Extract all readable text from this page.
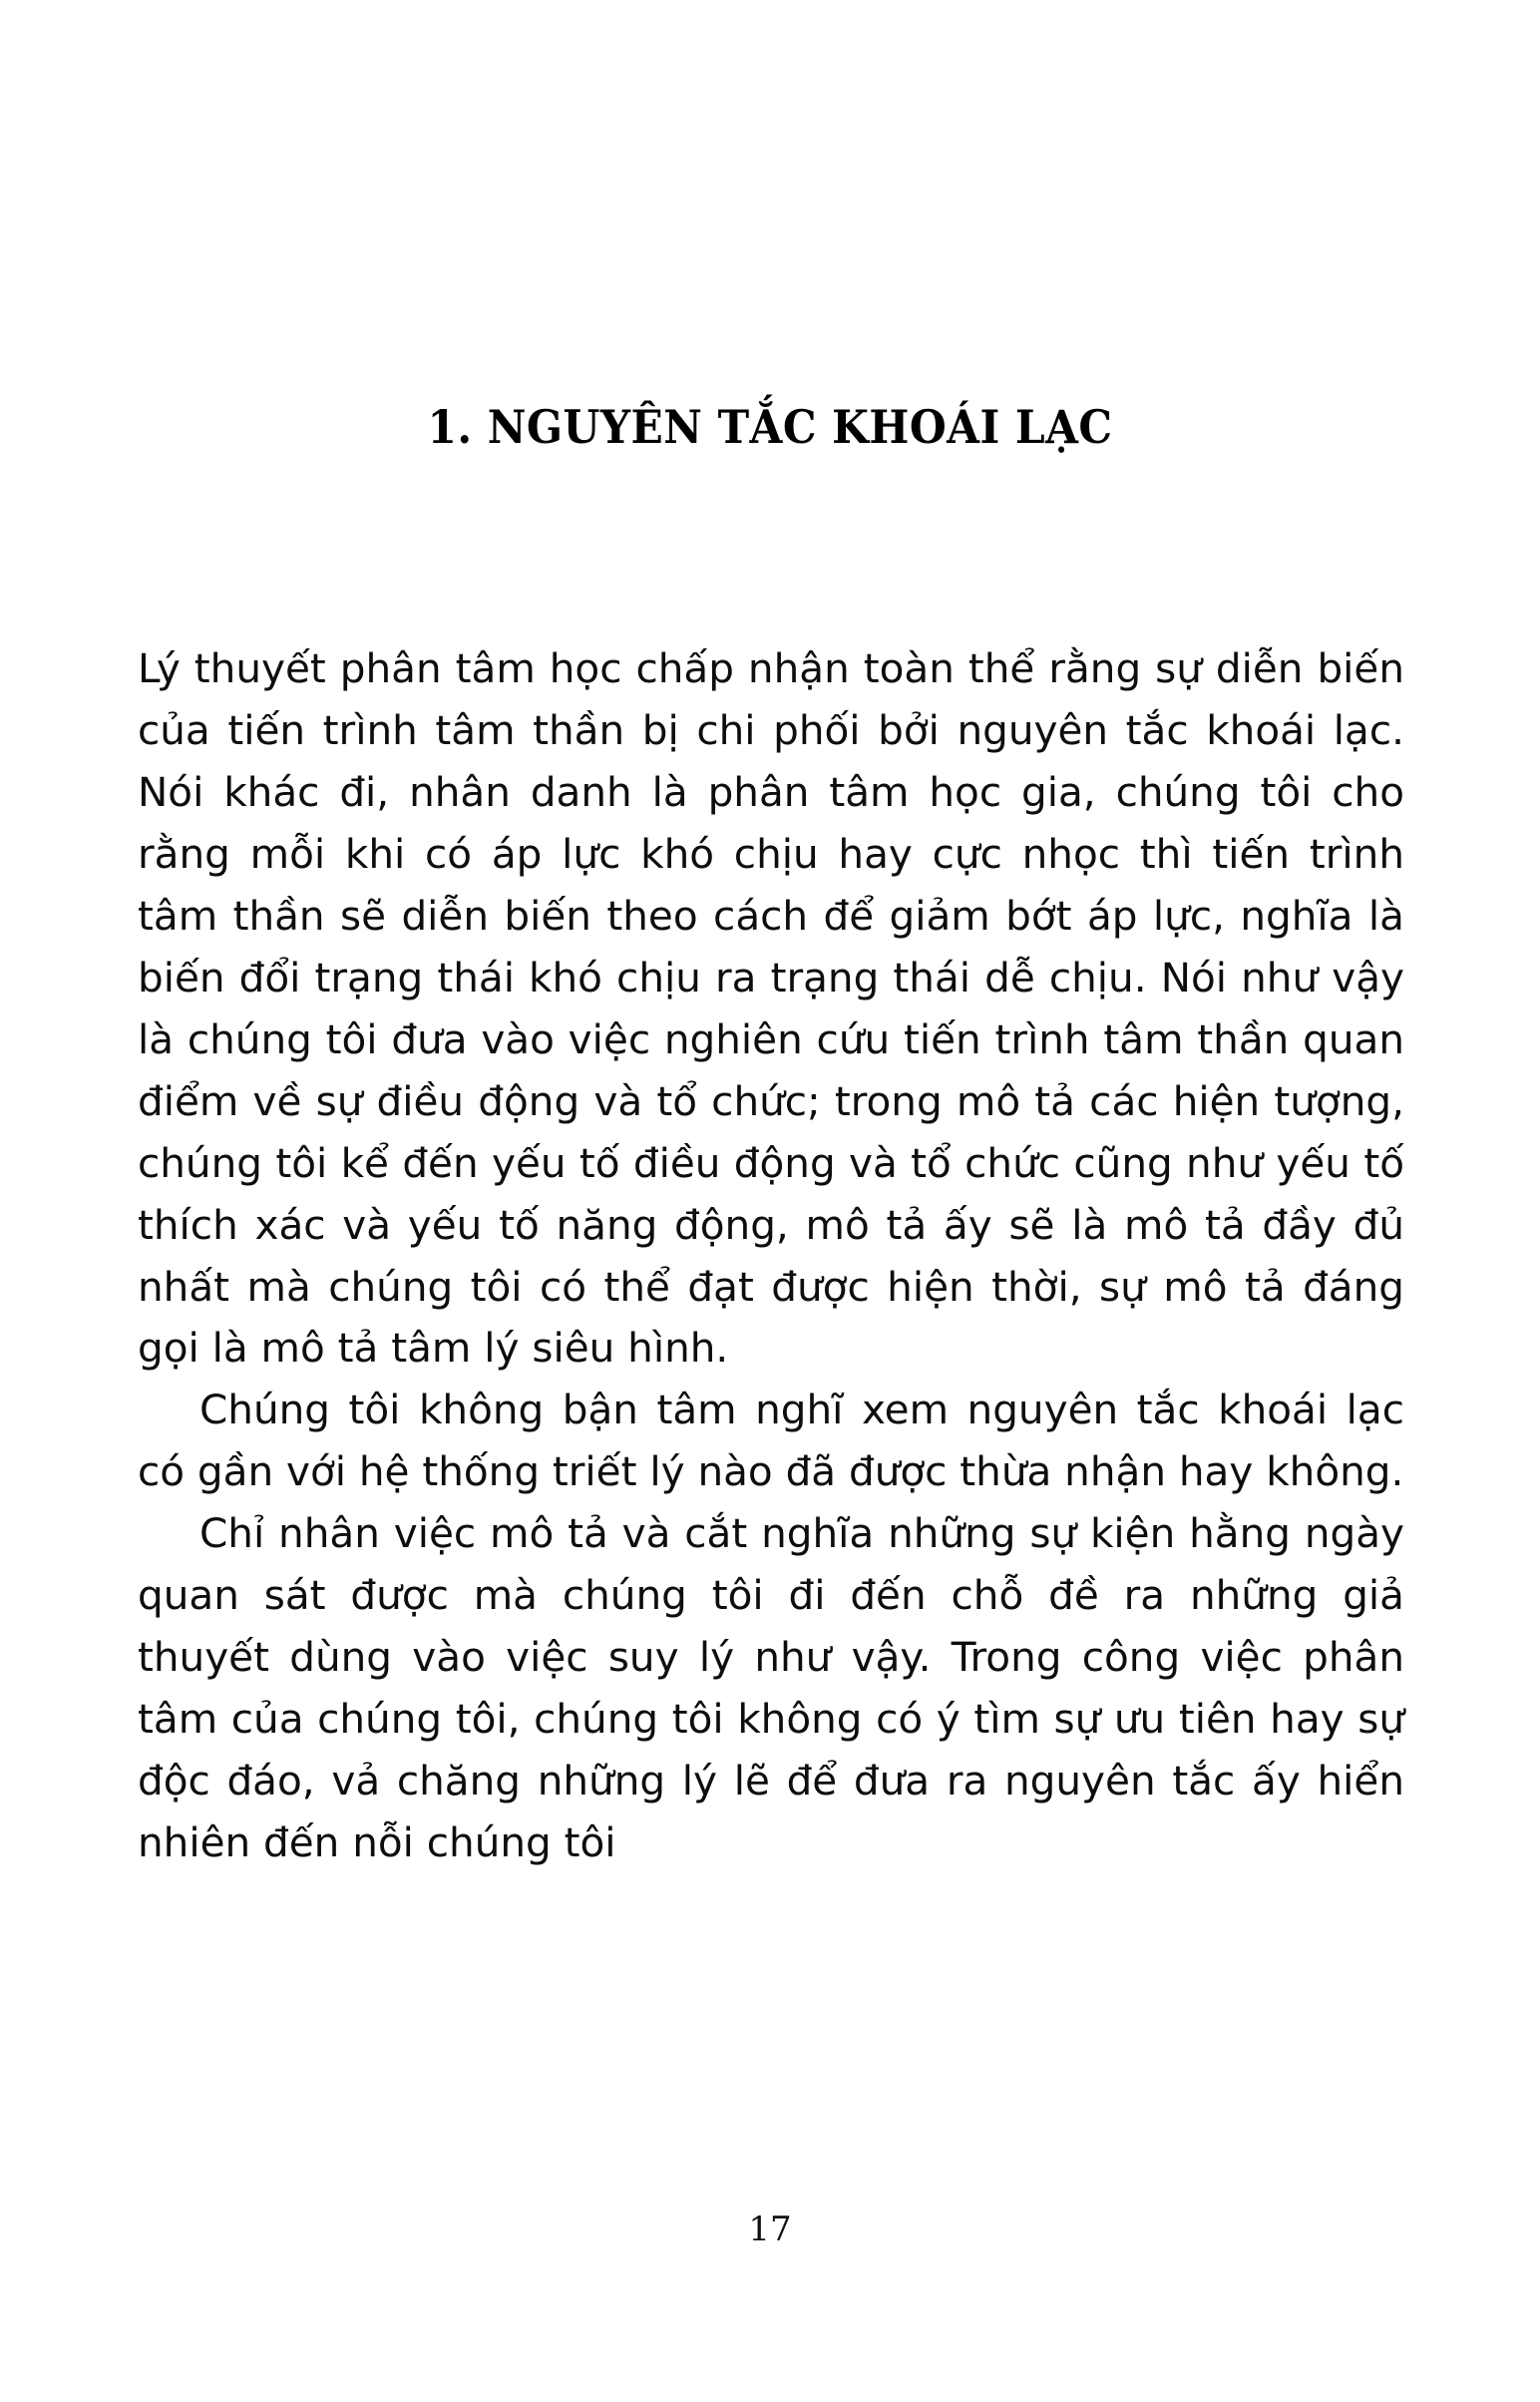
1. NGUYÊN TẮC KHOÁI LẠC

Lý thuyết phân tâm học chấp nhận toàn thể rằng sự diễn biến của tiến trình tâm thần bị chi phối bởi nguyên tắc khoái lạc. Nói khác đi, nhân danh là phân tâm học gia, chúng tôi cho rằng mỗi khi có áp lực khó chịu hay cực nhọc thì tiến trình tâm thần sẽ diễn biến theo cách để giảm bớt áp lực, nghĩa là biến đổi trạng thái khó chịu ra trạng thái dễ chịu. Nói như vậy là chúng tôi đưa vào việc nghiên cứu tiến trình tâm thần quan điểm về sự điều động và tổ chức; trong mô tả các hiện tượng, chúng tôi kể đến yếu tố điều động và tổ chức cũng như yếu tố thích xác và yếu tố năng động, mô tả ấy sẽ là mô tả đầy đủ nhất mà chúng tôi có thể đạt được hiện thời, sự mô tả đáng gọi là mô tả tâm lý siêu hình.

Chúng tôi không bận tâm nghĩ xem nguyên tắc khoái lạc có gần với hệ thống triết lý nào đã được thừa nhận hay không.

Chỉ nhân việc mô tả và cắt nghĩa những sự kiện hằng ngày quan sát được mà chúng tôi đi đến chỗ đề ra những giả thuyết dùng vào việc suy lý như vậy. Trong công việc phân tâm của chúng tôi, chúng tôi không có ý tìm sự ưu tiên hay sự độc đáo, vả chăng những lý lẽ để đưa ra nguyên tắc ấy hiển nhiên đến nỗi chúng tôi

17
